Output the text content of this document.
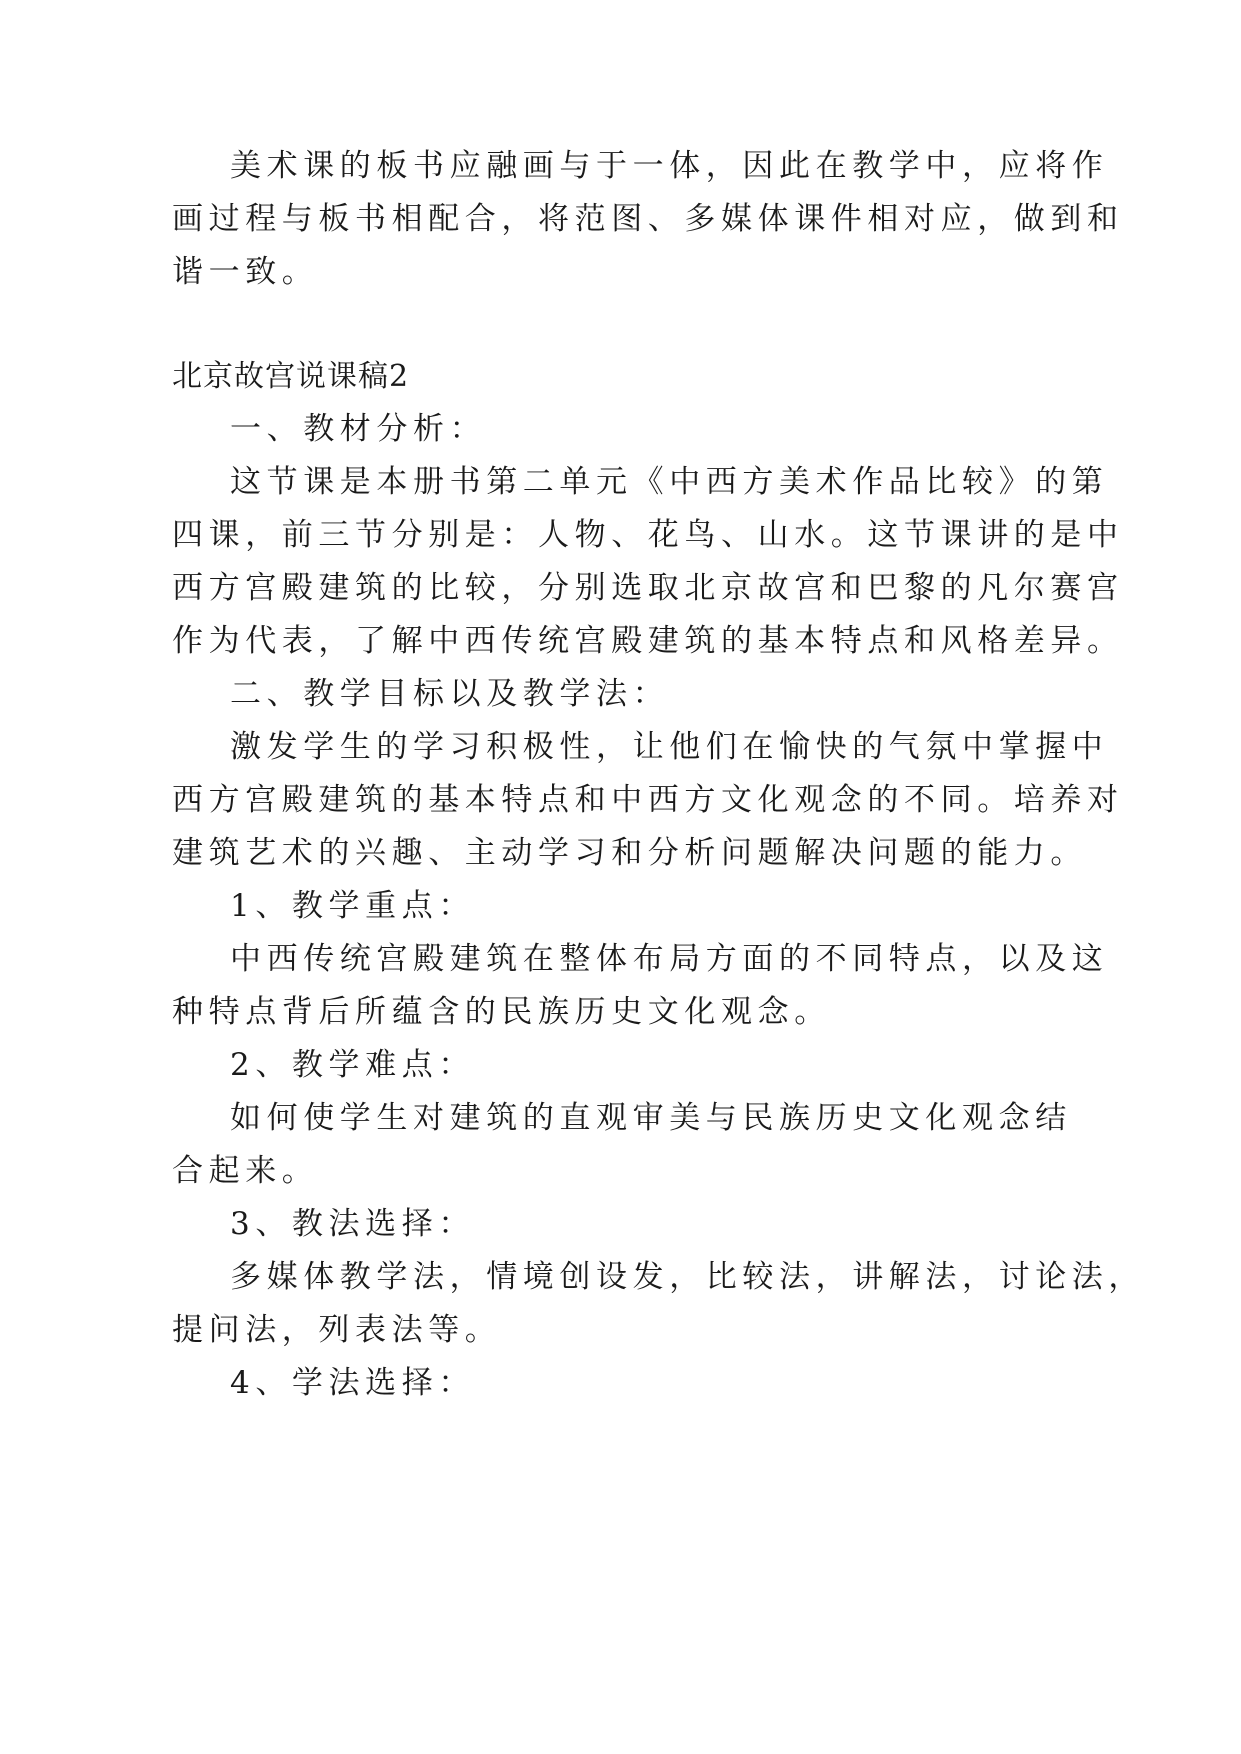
美术课的板书应融画与于一体，因此在教学中，应将作
画过程与板书相配合，将范图、多媒体课件相对应，做到和
谐一致。
北京故宫说课稿2
一、教材分析：
这节课是本册书第二单元《中西方美术作品比较》的第
四课，前三节分别是：人物、花鸟、山水。这节课讲的是中
西方宫殿建筑的比较，分别选取北京故宫和巴黎的凡尔赛宫
作为代表，了解中西传统宫殿建筑的基本特点和风格差异。
二、教学目标以及教学法：
激发学生的学习积极性，让他们在愉快的气氛中掌握中
西方宫殿建筑的基本特点和中西方文化观念的不同。培养对
建筑艺术的兴趣、主动学习和分析问题解决问题的能力。
1、教学重点：
中西传统宫殿建筑在整体布局方面的不同特点，以及这
种特点背后所蕴含的民族历史文化观念。
2、教学难点：
如何使学生对建筑的直观审美与民族历史文化观念结
合起来。
3、教法选择：
多媒体教学法，情境创设发，比较法，讲解法，讨论法，
提问法，列表法等。
4、学法选择：
